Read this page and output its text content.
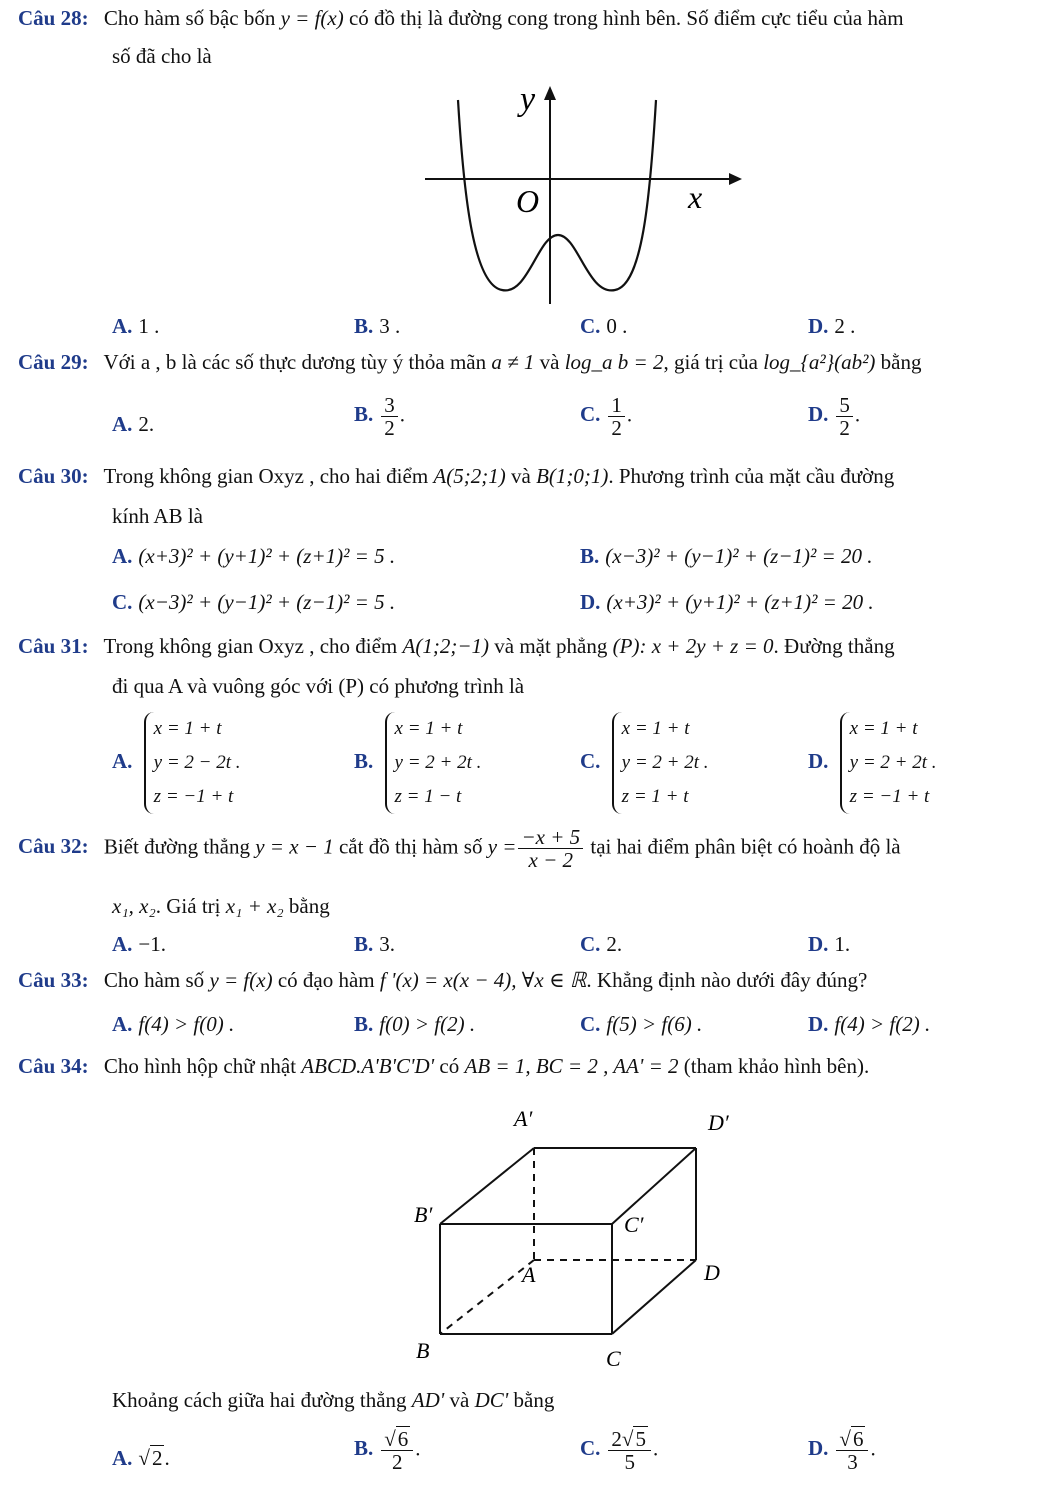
Câu 28: Cho hàm số bậc bốn y = f(x) có đồ thị là đường cong trong hình bên. Số điểm cực tiểu của hàm
số đã cho là
y
x
O
A. 1 .	B. 3 .	C. 0 .	D. 2 .
Câu 29: Với a , b là các số thực dương tùy ý thỏa mãn a ≠ 1 và log_a b = 2, giá trị của log_{a²}(ab²) bằng
A. 2.	B. $\frac{3}{2}$ .	C. $\frac{1}{2}$ .	D. $\frac{5}{2}$ .
Câu 30: Trong không gian Oxyz , cho hai điểm A(5;2;1) và B(1;0;1). Phương trình của mặt cầu đường
kính AB là
A. (x+3)² + (y+1)² + (z+1)² = 5 .	B. (x−3)² + (y−1)² + (z−1)² = 20 .
C. (x−3)² + (y−1)² + (z−1)² = 5 .	D. (x+3)² + (y+1)² + (z+1)² = 20 .
Câu 31: Trong không gian Oxyz , cho điểm A(1;2;−1) và mặt phẳng (P): x + 2y + z = 0. Đường thẳng
đi qua A và vuông góc với (P) có phương trình là
A. x = 1 + t
y = 2 − 2t .
z = −1 + t
B. x = 1 + t
y = 2 + 2t .
z = 1 − t
C. x = 1 + t
y = 2 + 2t .
z = 1 + t
D. x = 1 + t
y = 2 + 2t .
z = −1 + t
Câu 32: Biết đường thẳng y = x − 1 cắt đồ thị hàm số $y = \frac{-x + 5}{x - 2}$ tại hai điểm phân biệt có hoành độ là
x₁, x₂. Giá trị x₁ + x₂ bằng
A. −1.	B. 3.	C. 2.	D. 1.
Câu 33: Cho hàm số y = f(x) có đạo hàm f '(x) = x(x − 4), ∀x ∈ ℝ. Khẳng định nào dưới đây đúng?
A. f(4) > f(0) .	B. f(0) > f(2) .	C. f(5) > f(6) .	D. f(4) > f(2) .
Câu 34: Cho hình hộp chữ nhật ABCD.A'B'C'D' có AB = 1, BC = 2 , AA' = 2 (tham khảo hình bên).
A′	D′
B′	C′
A	D
B	C
Khoảng cách giữa hai đường thẳng AD' và DC' bằng
A. √2.	B. $\frac{√6}{2}$ .	C. $\frac{2√5}{5}$ .	D. $\frac{√6}{3}$ .
